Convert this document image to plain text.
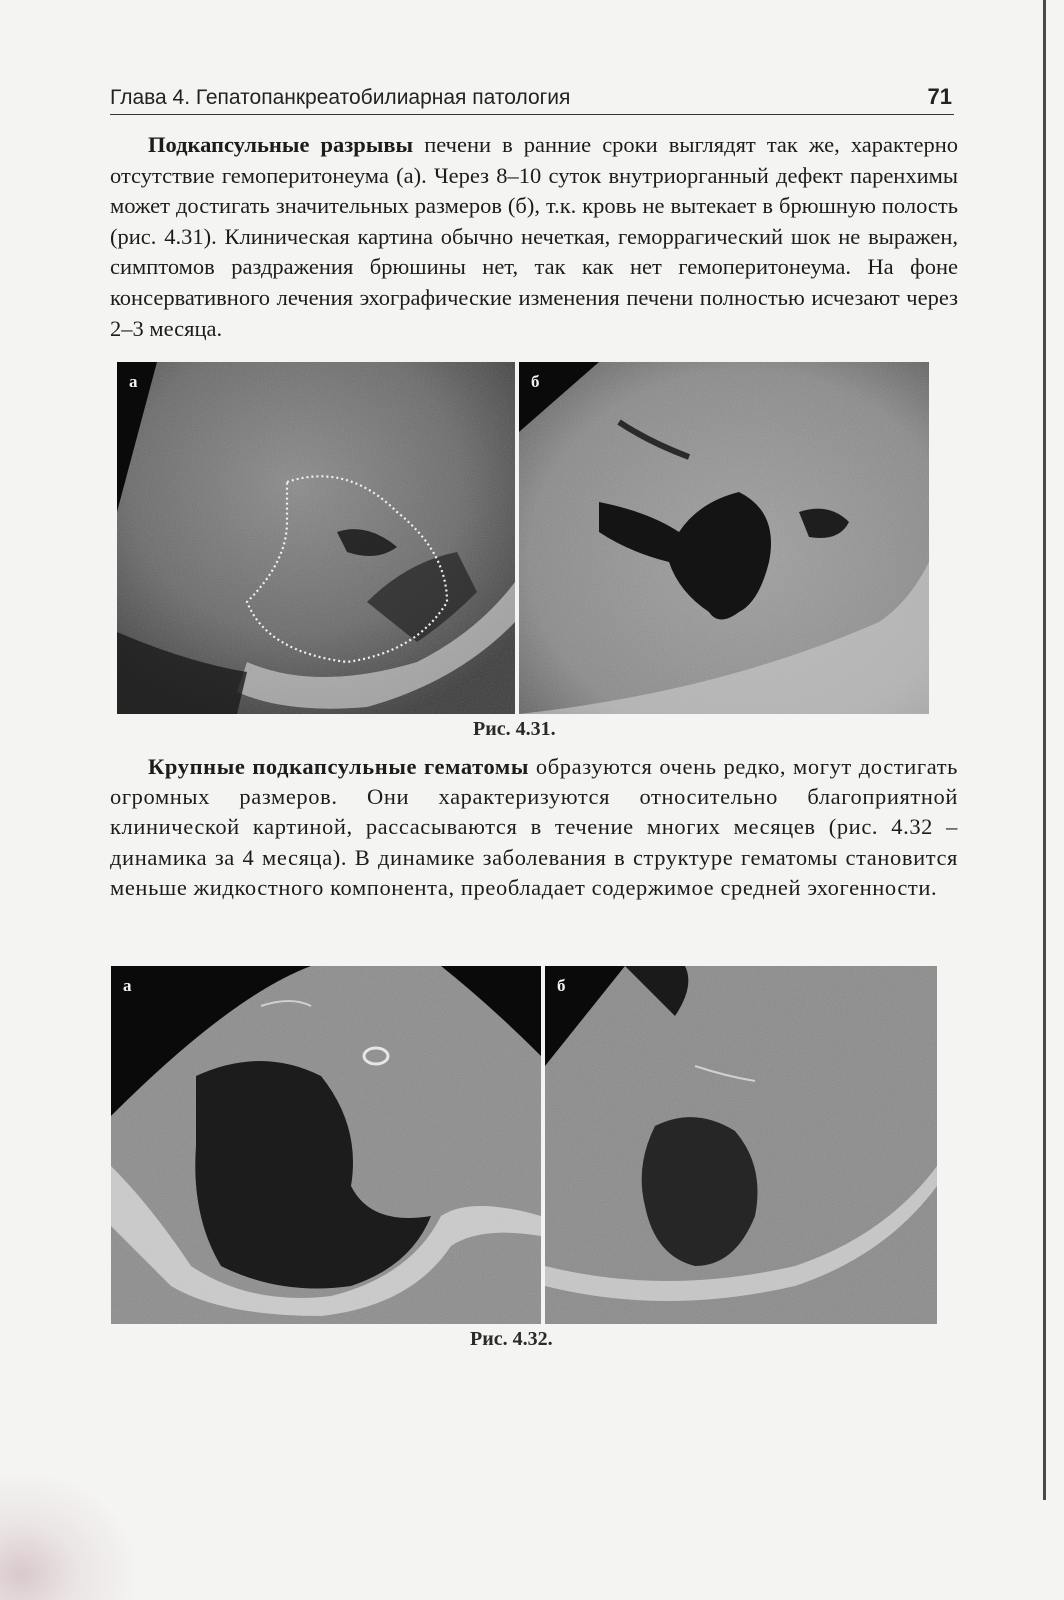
Глава 4. Гепатопанкреатобилиарная патология	71

Подкапсульные разрывы печени в ранние сроки выглядят так же, характерно отсутствие гемоперитонеума (а). Через 8–10 суток внутриорганный дефект паренхимы может достигать значительных размеров (б), т.к. кровь не вытекает в брюшную полость (рис. 4.31). Клиническая картина обычно нечеткая, геморрагический шок не выражен, симптомов раздражения брюшины нет, так как нет гемоперитонеума. На фоне консервативного лечения эхографические изменения печени полностью исчезают через 2–3 месяца.

а	б
Рис. 4.31.

Крупные подкапсульные гематомы образуются очень редко, могут достигать огромных размеров. Они характеризуются относительно благоприятной клинической картиной, рассасываются в течение многих месяцев (рис. 4.32 – динамика за 4 месяца). В динамике заболевания в структуре гематомы становится меньше жидкостного компонента, преобладает содержимое средней эхогенности.

а	б
Рис. 4.32.
